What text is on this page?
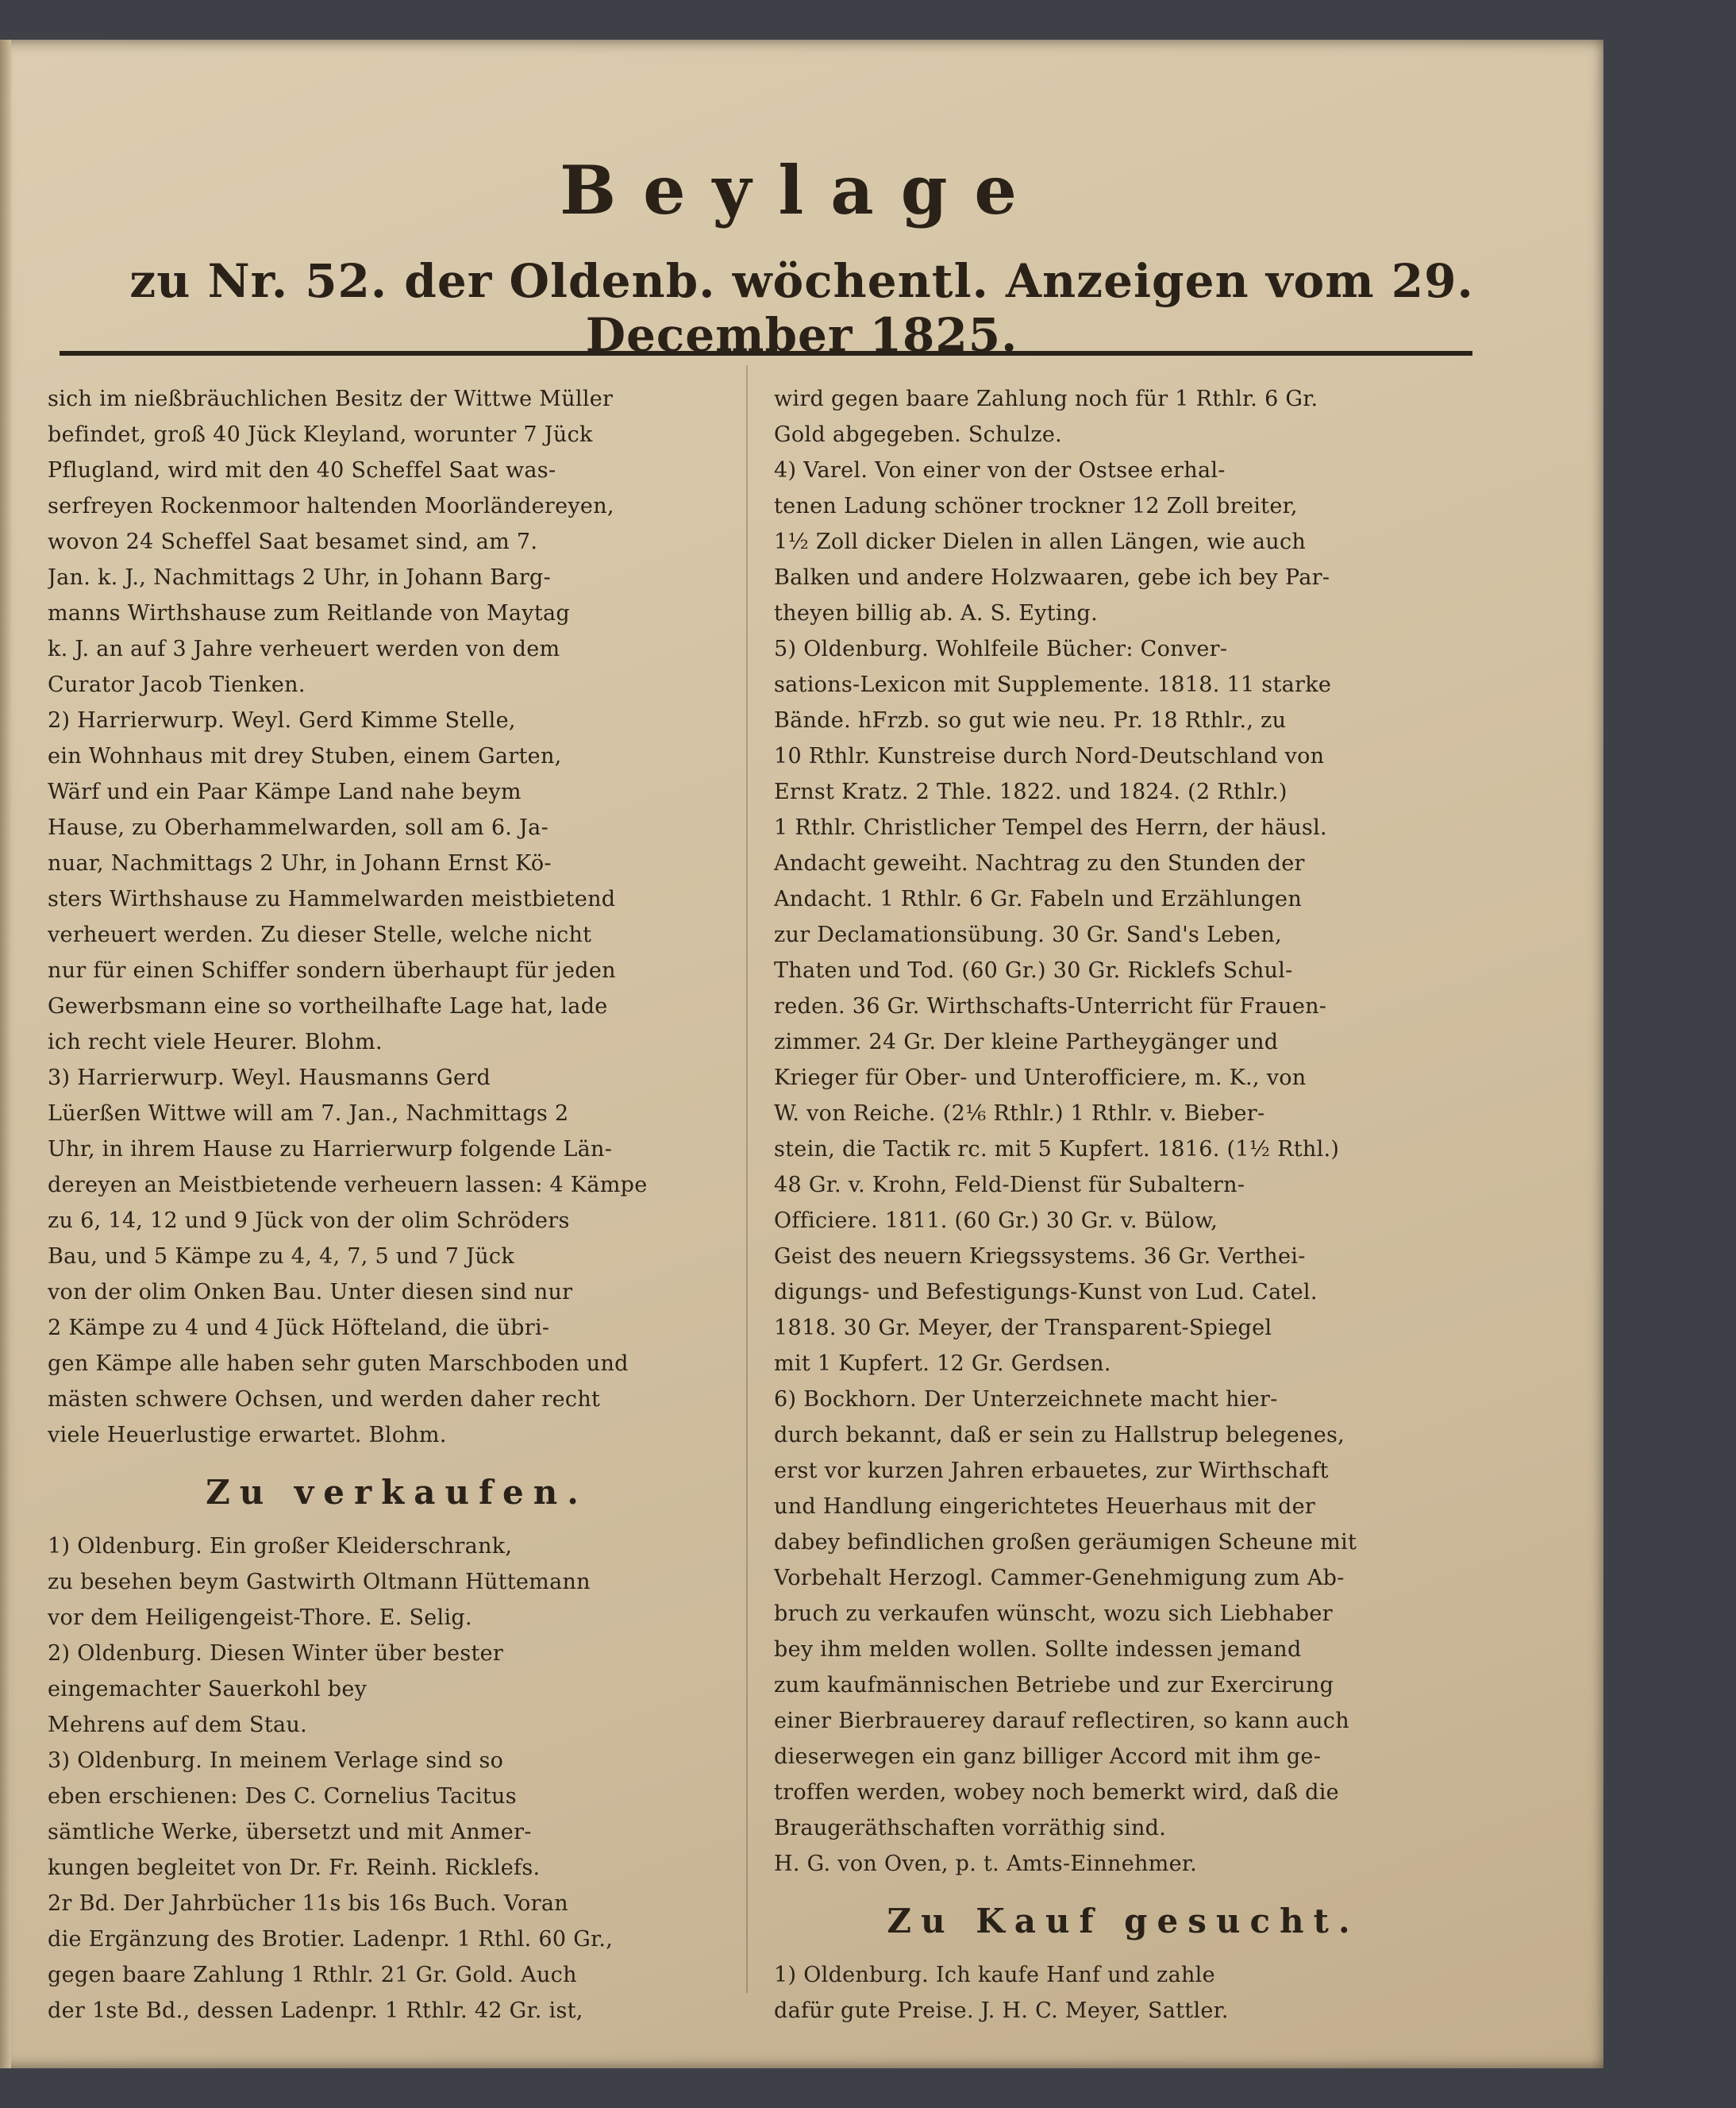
Beylage
zu Nr. 52. der Oldenb. wöchentl. Anzeigen vom 29. December 1825.
sich im nießbräuchlichen Besitz der Wittwe Müller
befindet, groß 40 Jück Kleyland, worunter 7 Jück
Pflugland, wird mit den 40 Scheffel Saat was-
serfreyen Rockenmoor haltenden Moorländereyen,
wovon 24 Scheffel Saat besamet sind, am 7.
Jan. k. J., Nachmittags 2 Uhr, in Johann Barg-
manns Wirthshause zum Reitlande von Maytag
k. J. an auf 3 Jahre verheuert werden von dem
Curator Jacob Tienken.
2) Harrierwurp. Weyl. Gerd Kimme Stelle,
ein Wohnhaus mit drey Stuben, einem Garten,
Wärf und ein Paar Kämpe Land nahe beym
Hause, zu Oberhammelwarden, soll am 6. Ja-
nuar, Nachmittags 2 Uhr, in Johann Ernst Kö-
sters Wirthshause zu Hammelwarden meistbietend
verheuert werden. Zu dieser Stelle, welche nicht
nur für einen Schiffer sondern überhaupt für jeden
Gewerbsmann eine so vortheilhafte Lage hat, lade
ich recht viele Heurer. Blohm.
3) Harrierwurp. Weyl. Hausmanns Gerd
Lüerßen Wittwe will am 7. Jan., Nachmittags 2
Uhr, in ihrem Hause zu Harrierwurp folgende Län-
dereyen an Meistbietende verheuern lassen: 4 Kämpe
zu 6, 14, 12 und 9 Jück von der olim Schröders
Bau, und 5 Kämpe zu 4, 4, 7, 5 und 7 Jück
von der olim Onken Bau. Unter diesen sind nur
2 Kämpe zu 4 und 4 Jück Höfteland, die übri-
gen Kämpe alle haben sehr guten Marschboden und
mästen schwere Ochsen, und werden daher recht
viele Heuerlustige erwartet. Blohm.
Zu verkaufen.
1) Oldenburg. Ein großer Kleiderschrank,
zu besehen beym Gastwirth Oltmann Hüttemann
vor dem Heiligengeist-Thore. E. Selig.
2) Oldenburg. Diesen Winter über bester
eingemachter Sauerkohl bey
Mehrens auf dem Stau.
3) Oldenburg. In meinem Verlage sind so
eben erschienen: Des C. Cornelius Tacitus
sämtliche Werke, übersetzt und mit Anmer-
kungen begleitet von Dr. Fr. Reinh. Ricklefs.
2r Bd. Der Jahrbücher 11s bis 16s Buch. Voran
die Ergänzung des Brotier. Ladenpr. 1 Rthl. 60 Gr.,
gegen baare Zahlung 1 Rthlr. 21 Gr. Gold. Auch
der 1ste Bd., dessen Ladenpr. 1 Rthlr. 42 Gr. ist,
wird gegen baare Zahlung noch für 1 Rthlr. 6 Gr.
Gold abgegeben. Schulze.
4) Varel. Von einer von der Ostsee erhal-
tenen Ladung schöner trockner 12 Zoll breiter,
1½ Zoll dicker Dielen in allen Längen, wie auch
Balken und andere Holzwaaren, gebe ich bey Par-
theyen billig ab. A. S. Eyting.
5) Oldenburg. Wohlfeile Bücher: Conver-
sations-Lexicon mit Supplemente. 1818. 11 starke
Bände. hFrzb. so gut wie neu. Pr. 18 Rthlr., zu
10 Rthlr. Kunstreise durch Nord-Deutschland von
Ernst Kratz. 2 Thle. 1822. und 1824. (2 Rthlr.)
1 Rthlr. Christlicher Tempel des Herrn, der häusl.
Andacht geweiht. Nachtrag zu den Stunden der
Andacht. 1 Rthlr. 6 Gr. Fabeln und Erzählungen
zur Declamationsübung. 30 Gr. Sand's Leben,
Thaten und Tod. (60 Gr.) 30 Gr. Ricklefs Schul-
reden. 36 Gr. Wirthschafts-Unterricht für Frauen-
zimmer. 24 Gr. Der kleine Partheygänger und
Krieger für Ober- und Unterofficiere, m. K., von
W. von Reiche. (2⅙ Rthlr.) 1 Rthlr. v. Bieber-
stein, die Tactik rc. mit 5 Kupfert. 1816. (1½ Rthl.)
48 Gr. v. Krohn, Feld-Dienst für Subaltern-
Officiere. 1811. (60 Gr.) 30 Gr. v. Bülow,
Geist des neuern Kriegssystems. 36 Gr. Verthei-
digungs- und Befestigungs-Kunst von Lud. Catel.
1818. 30 Gr. Meyer, der Transparent-Spiegel
mit 1 Kupfert. 12 Gr. Gerdsen.
6) Bockhorn. Der Unterzeichnete macht hier-
durch bekannt, daß er sein zu Hallstrup belegenes,
erst vor kurzen Jahren erbauetes, zur Wirthschaft
und Handlung eingerichtetes Heuerhaus mit der
dabey befindlichen großen geräumigen Scheune mit
Vorbehalt Herzogl. Cammer-Genehmigung zum Ab-
bruch zu verkaufen wünscht, wozu sich Liebhaber
bey ihm melden wollen. Sollte indessen jemand
zum kaufmännischen Betriebe und zur Exercirung
einer Bierbrauerey darauf reflectiren, so kann auch
dieserwegen ein ganz billiger Accord mit ihm ge-
troffen werden, wobey noch bemerkt wird, daß die
Braugeräthschaften vorräthig sind.
H. G. von Oven, p. t. Amts-Einnehmer.
Zu Kauf gesucht.
1) Oldenburg. Ich kaufe Hanf und zahle
dafür gute Preise. J. H. C. Meyer, Sattler.
